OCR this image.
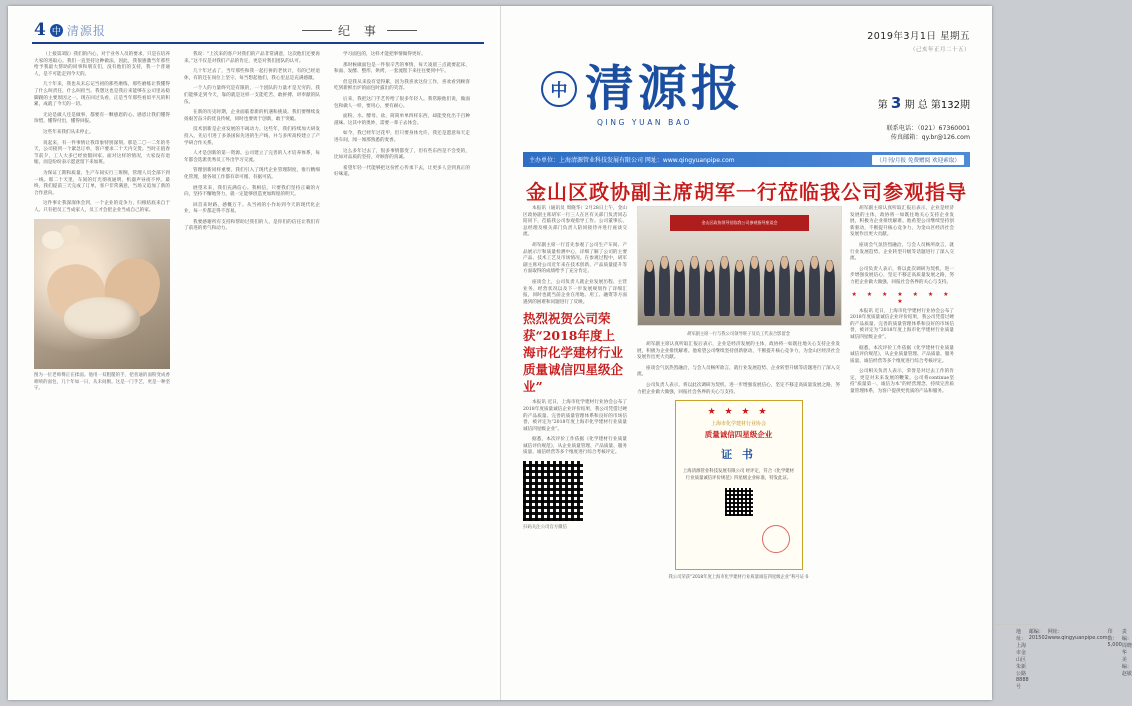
4 中 清源报	纪 事

（上接第3版）我们的内心，对于业务人员的要求，只是在培养大家的进取心。我们一直坚持这种做法，因此，我很感激当年那些给予我最大帮助的同事和朋友们，没有他们的支持，我一个普通人，是不可能走到今天的。

几十年来，我也从未忘记当初的那些磨练，那些磨练让我懂得了什么叫责任，什么叫担当。我想这也是我后来能够在公司里站稳脚跟的主要原因之一。现在回过头看，正是当年那些看似平凡的积累，成就了今天的一切。

无论是做人还是做事，都要有一颗感恩的心。感恩让我们懂得珍惜，懂得付出，懂得回报。

这些年来我们从未停止。

说起来，有一件事情让我印象特别深刻。那是二〇一二年的冬天，公司接到一个紧急订单，客户要求二十天内交货。当时正值春节前夕，工人大多已经放假回家。面对这样的情况，大家没有退缩，而是纷纷表示愿意留下来加班。

为保证工期和质量，生产车间实行三班倒，管理人员全部下到一线。那二十天里，车间的灯光彻夜通明，机器声昼夜不停。最终，我们提前三天完成了订单，客户非常满意，当场又追加了新的合作意向。

这件事让我深深体会到，一个企业的竞争力，归根结底来自于人。只有把员工当成家人，员工才会把企业当成自己的家。

图为一位老师傅正在揉面。他用一双粗糙的手，把普通的面粉变成香喷喷的面包，几十年如一日，从未间断。这是一门手艺，更是一种坚守。

我说：“上次来的客户对我们的产品非常满意，这次他们还要再来。”这不仅是对我们产品的肯定，更是对我们团队的认可。

几十年过去了，当年那些和我一起打拼的老伙计，有的已经退休，有的还在岗位上坚守。每当想起他们，我心里总是充满感激。

一个人的力量终究是有限的，一个团队的力量才是无穷的。我们能够走到今天，靠的就是这样一支能吃苦、敢拼搏、讲奉献的队伍。

在新的历史时期，企业面临着新的机遇和挑战。我们要继续发扬艰苦奋斗的优良传统，同时也要勇于创新，敢于突破。

技术创新是企业发展的不竭动力。这些年，我们持续加大研发投入，先后引进了多条国际先进的生产线，并与多所高校建立了产学研合作关系。

人才是创新的第一资源。公司建立了完善的人才培养体系，每年都会选派优秀员工外出学习交流。

管理创新同样重要。我们引入了现代企业管理制度，推行精细化管理，使各项工作都有章可循、有据可依。

展望未来，我们充满信心。我相信，只要我们坚持正确的方向，坚持不懈地努力，就一定能够创造更加辉煌的明天。

回首来时路，感慨万千。从当初的小作坊到今天的现代化企业，每一步都走得不容易。

我要感谢所有支持和帮助过我们的人，是你们的信任让我们有了前进的勇气和动力。

学习面包的，这样才能把事情做得更好。

那时候做面包是一件很辛苦的事情，每天凌晨三点就要起床，和面、发酵、整形、烘烤，一套流程下来往往要到中午。

但是我从来没有觉得累，因为我喜欢这份工作，喜欢看到顾客吃到新鲜出炉的面包时露出的笑容。

后来，我把这门手艺传给了很多年轻人。我常跟他们说，做面包和做人一样，要用心，要有耐心。

面粉、水、酵母、盐，简简单单四样东西，却能变化出千百种滋味。这其中的奥妙，需要一辈子去体会。

如今，我已经年过花甲，但只要身体允许，我还是愿意每天走进车间，闻一闻那熟悉的麦香。

这么多年过去了，很多事情都变了，但有些东西是不会变的，比如对品质的坚持，对顾客的真诚。

希望年轻一代能够把这份匠心传承下去，让更多人尝到真正的好味道。

2019年3月1日 星期五
（己亥年正月二十五）
中 清源报
QING YUAN BAO
第 3 期 总 第132期
联系电话：（021）67360001
传真邮箱：qy.br@126.com
主办单位：上海清源管业科技发展有限公司 网址：www.qingyuanpipe.com	（月刊/月报 免费赠阅 欢迎索取）
金山区政协副主席胡军一行莅临我公司参观指导

本报讯（通讯员 周晓华）2月28日上午，金山区政协副主席胡军一行三人在区有关部门负责同志陪同下，莅临我公司参观指导工作。公司董事长、总经理及相关部门负责人陪同接待并进行座谈交流。

胡军副主席一行首先参观了公司生产车间、产品展示厅和质量检测中心，详细了解了公司的主要产品、技术工艺及市场情况。在参观过程中，胡军副主席对公司近年来在技术创新、产品质量提升等方面取得的成绩给予了充分肯定。

座谈会上，公司负责人就企业发展历程、主营业务、经营状况以及下一步发展规划作了详细汇报，同时也就当前企业在用地、用工、融资等方面遇到的困难和问题进行了反映。

热烈祝贺公司荣获“2018年度上海市化学建材行业质量诚信四星级企业”

本报讯 近日，上海市化学建材行业协会公布了2018年度质量诚信企业评价结果，我公司凭借过硬的产品质量、完善的质量管理体系和良好的市场信誉，被评定为“2018年度上海市化学建材行业质量诚信四星级企业”。

据悉，本次评价工作依据《化学建材行业质量诚信评价规范》，从企业质量管理、产品质量、服务质量、诚信经营等多个维度进行综合考核评定。

扫码关注公司官方微信
金山区政协领导莅临我公司参观指导座谈会
胡军副主席一行与我公司领导班子及员工代表合影留念

胡军副主席认真听取汇报后表示，企业是经济发展的主体，政协将一如既往地关心支持企业发展，积极为企业排忧解难。他希望公司继续坚持创新驱动，不断提升核心竞争力，为金山区经济社会发展作出更大贡献。

座谈会气氛热烈融洽，与会人员畅所欲言，就行业发展趋势、企业转型升级等话题进行了深入交流。

公司负责人表示，将以此次调研为契机，进一步增强发展信心，坚定不移走高质量发展之路，努力把企业做大做强，回报社会各界的关心与支持。

★ ★ ★ ★
上海市化学建材行业协会
质量诚信四星级企业
证 书
上海清源管业科技发展有限公司 经评定，符合《化学建材行业质量诚信评价规范》四星级企业标准，特发此证。
我公司荣获“2018年度上海市化学建材行业质量诚信四星级企业”称号证书

胡军副主席认真听取汇报后表示，企业是经济发展的主体，政协将一如既往地关心支持企业发展，积极为企业排忧解难。他希望公司继续坚持创新驱动，不断提升核心竞争力，为金山区经济社会发展作出更大贡献。

座谈会气氛热烈融洽，与会人员畅所欲言，就行业发展趋势、企业转型升级等话题进行了深入交流。

公司负责人表示，将以此次调研为契机，进一步增强发展信心，坚定不移走高质量发展之路，努力把企业做大做强，回报社会各界的关心与支持。

★ ★ ★ ★ ★ ★ ★ ★

本报讯 近日，上海市化学建材行业协会公布了2018年度质量诚信企业评价结果，我公司凭借过硬的产品质量、完善的质量管理体系和良好的市场信誉，被评定为“2018年度上海市化学建材行业质量诚信四星级企业”。

据悉，本次评价工作依据《化学建材行业质量诚信评价规范》，从企业质量管理、产品质量、服务质量、诚信经营等多个维度进行综合考核评定。

公司相关负责人表示，荣誉是对过去工作的肯定，更是对未来发展的鞭策。公司将continue坚持“质量第一、诚信为本”的经营理念，持续完善质量管理体系，为客户提供更优质的产品和服务。

地址：上海市金山区朱新公路8888号
邮编：201502
网址：www.qingyuanpipe.com
印数：5,000
责编：周晓华 美编：赵敏
